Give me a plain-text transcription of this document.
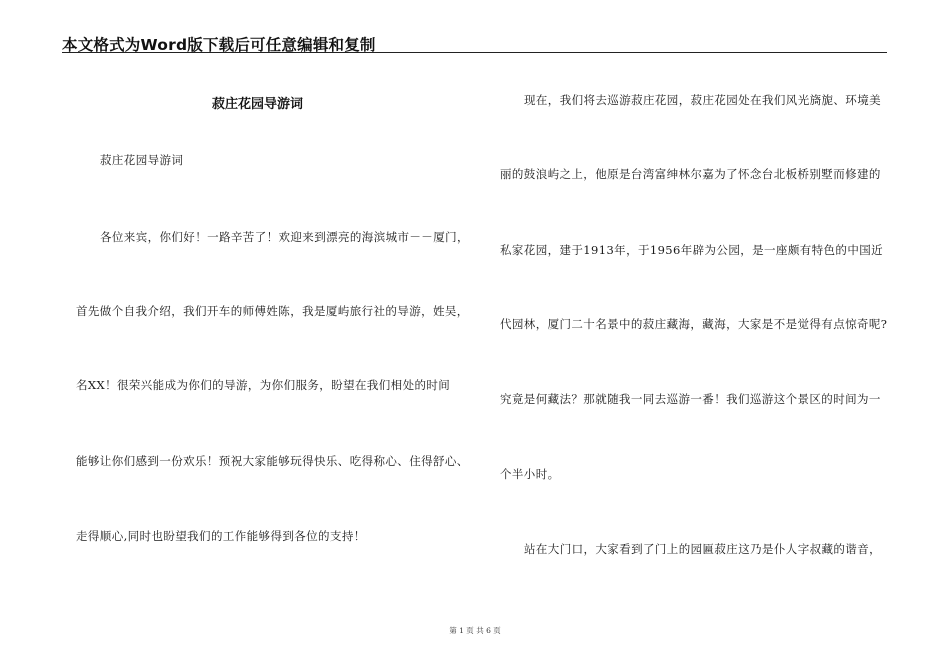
本文格式为Word版下载后可任意编辑和复制
菽庄花园导游词
菽庄花园导游词
各位来宾，你们好！一路辛苦了！欢迎来到漂亮的海滨城市－－厦门，
首先做个自我介绍，我们开车的师傅姓陈，我是厦屿旅行社的导游，姓吴，
名XX！很荣兴能成为你们的导游，为你们服务，盼望在我们相处的时间
能够让你们感到一份欢乐！预祝大家能够玩得快乐、吃得称心、住得舒心、
走得顺心,同时也盼望我们的工作能够得到各位的支持！
现在，我们将去巡游菽庄花园，菽庄花园处在我们风光旖旎、环境美
丽的鼓浪屿之上，他原是台湾富绅林尔嘉为了怀念台北板桥别墅而修建的
私家花园，建于1913年，于1956年辟为公园，是一座颇有特色的中国近
代园林，厦门二十名景中的菽庄藏海，藏海，大家是不是觉得有点惊奇呢?
究竟是何藏法？那就随我一同去巡游一番！我们巡游这个景区的时间为一
个半小时。
站在大门口，大家看到了门上的园匾菽庄这乃是仆人字叔藏的谐音，
第 1 页 共 6 页
